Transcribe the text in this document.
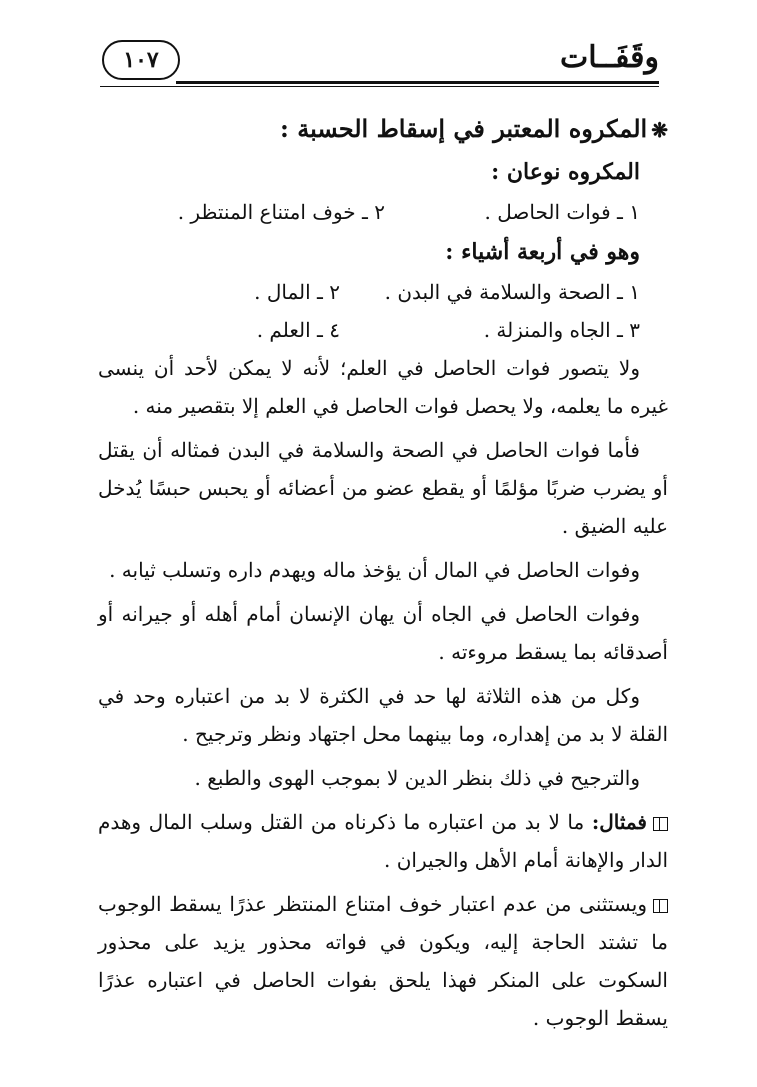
١٠٧	وقَفَــات
❋المكروه المعتبر في إسقاط الحسبة :
المكروه نوعان :
١ ـ فوات الحاصل .
٢ ـ خوف امتناع المنتظر .
وهو في أربعة أشياء :
١ ـ الصحة والسلامة في البدن .
٢ ـ المال .
٣ ـ الجاه والمنزلة .
٤ ـ العلم .

ولا يتصور فوات الحاصل في العلم؛ لأنه لا يمكن لأحد أن ينسى غيره ما يعلمه، ولا يحصل فوات الحاصل في العلم إلا بتقصير منه .

فأما فوات الحاصل في الصحة والسلامة في البدن فمثاله أن يقتل أو يضرب ضربًا مؤلمًا أو يقطع عضو من أعضائه أو يحبس حبسًا يُدخل عليه الضيق .

وفوات الحاصل في المال أن يؤخذ ماله ويهدم داره وتسلب ثيابه .

وفوات الحاصل في الجاه أن يهان الإنسان أمام أهله أو جيرانه أو أصدقائه بما يسقط مروءته .

وكل من هذه الثلاثة لها حد في الكثرة لا بد من اعتباره وحد في القلة لا بد من إهداره، وما بينهما محل اجتهاد ونظر وترجيح .

والترجيح في ذلك بنظر الدين لا بموجب الهوى والطبع .

فمثال: ما لا بد من اعتباره ما ذكرناه من القتل وسلب المال وهدم الدار والإهانة أمام الأهل والجيران .

ويستثنى من عدم اعتبار خوف امتناع المنتظر عذرًا يسقط الوجوب ما تشتد الحاجة إليه، ويكون في فواته محذور يزيد على محذور السكوت على المنكر فهذا يلحق بفوات الحاصل في اعتباره عذرًا يسقط الوجوب .
